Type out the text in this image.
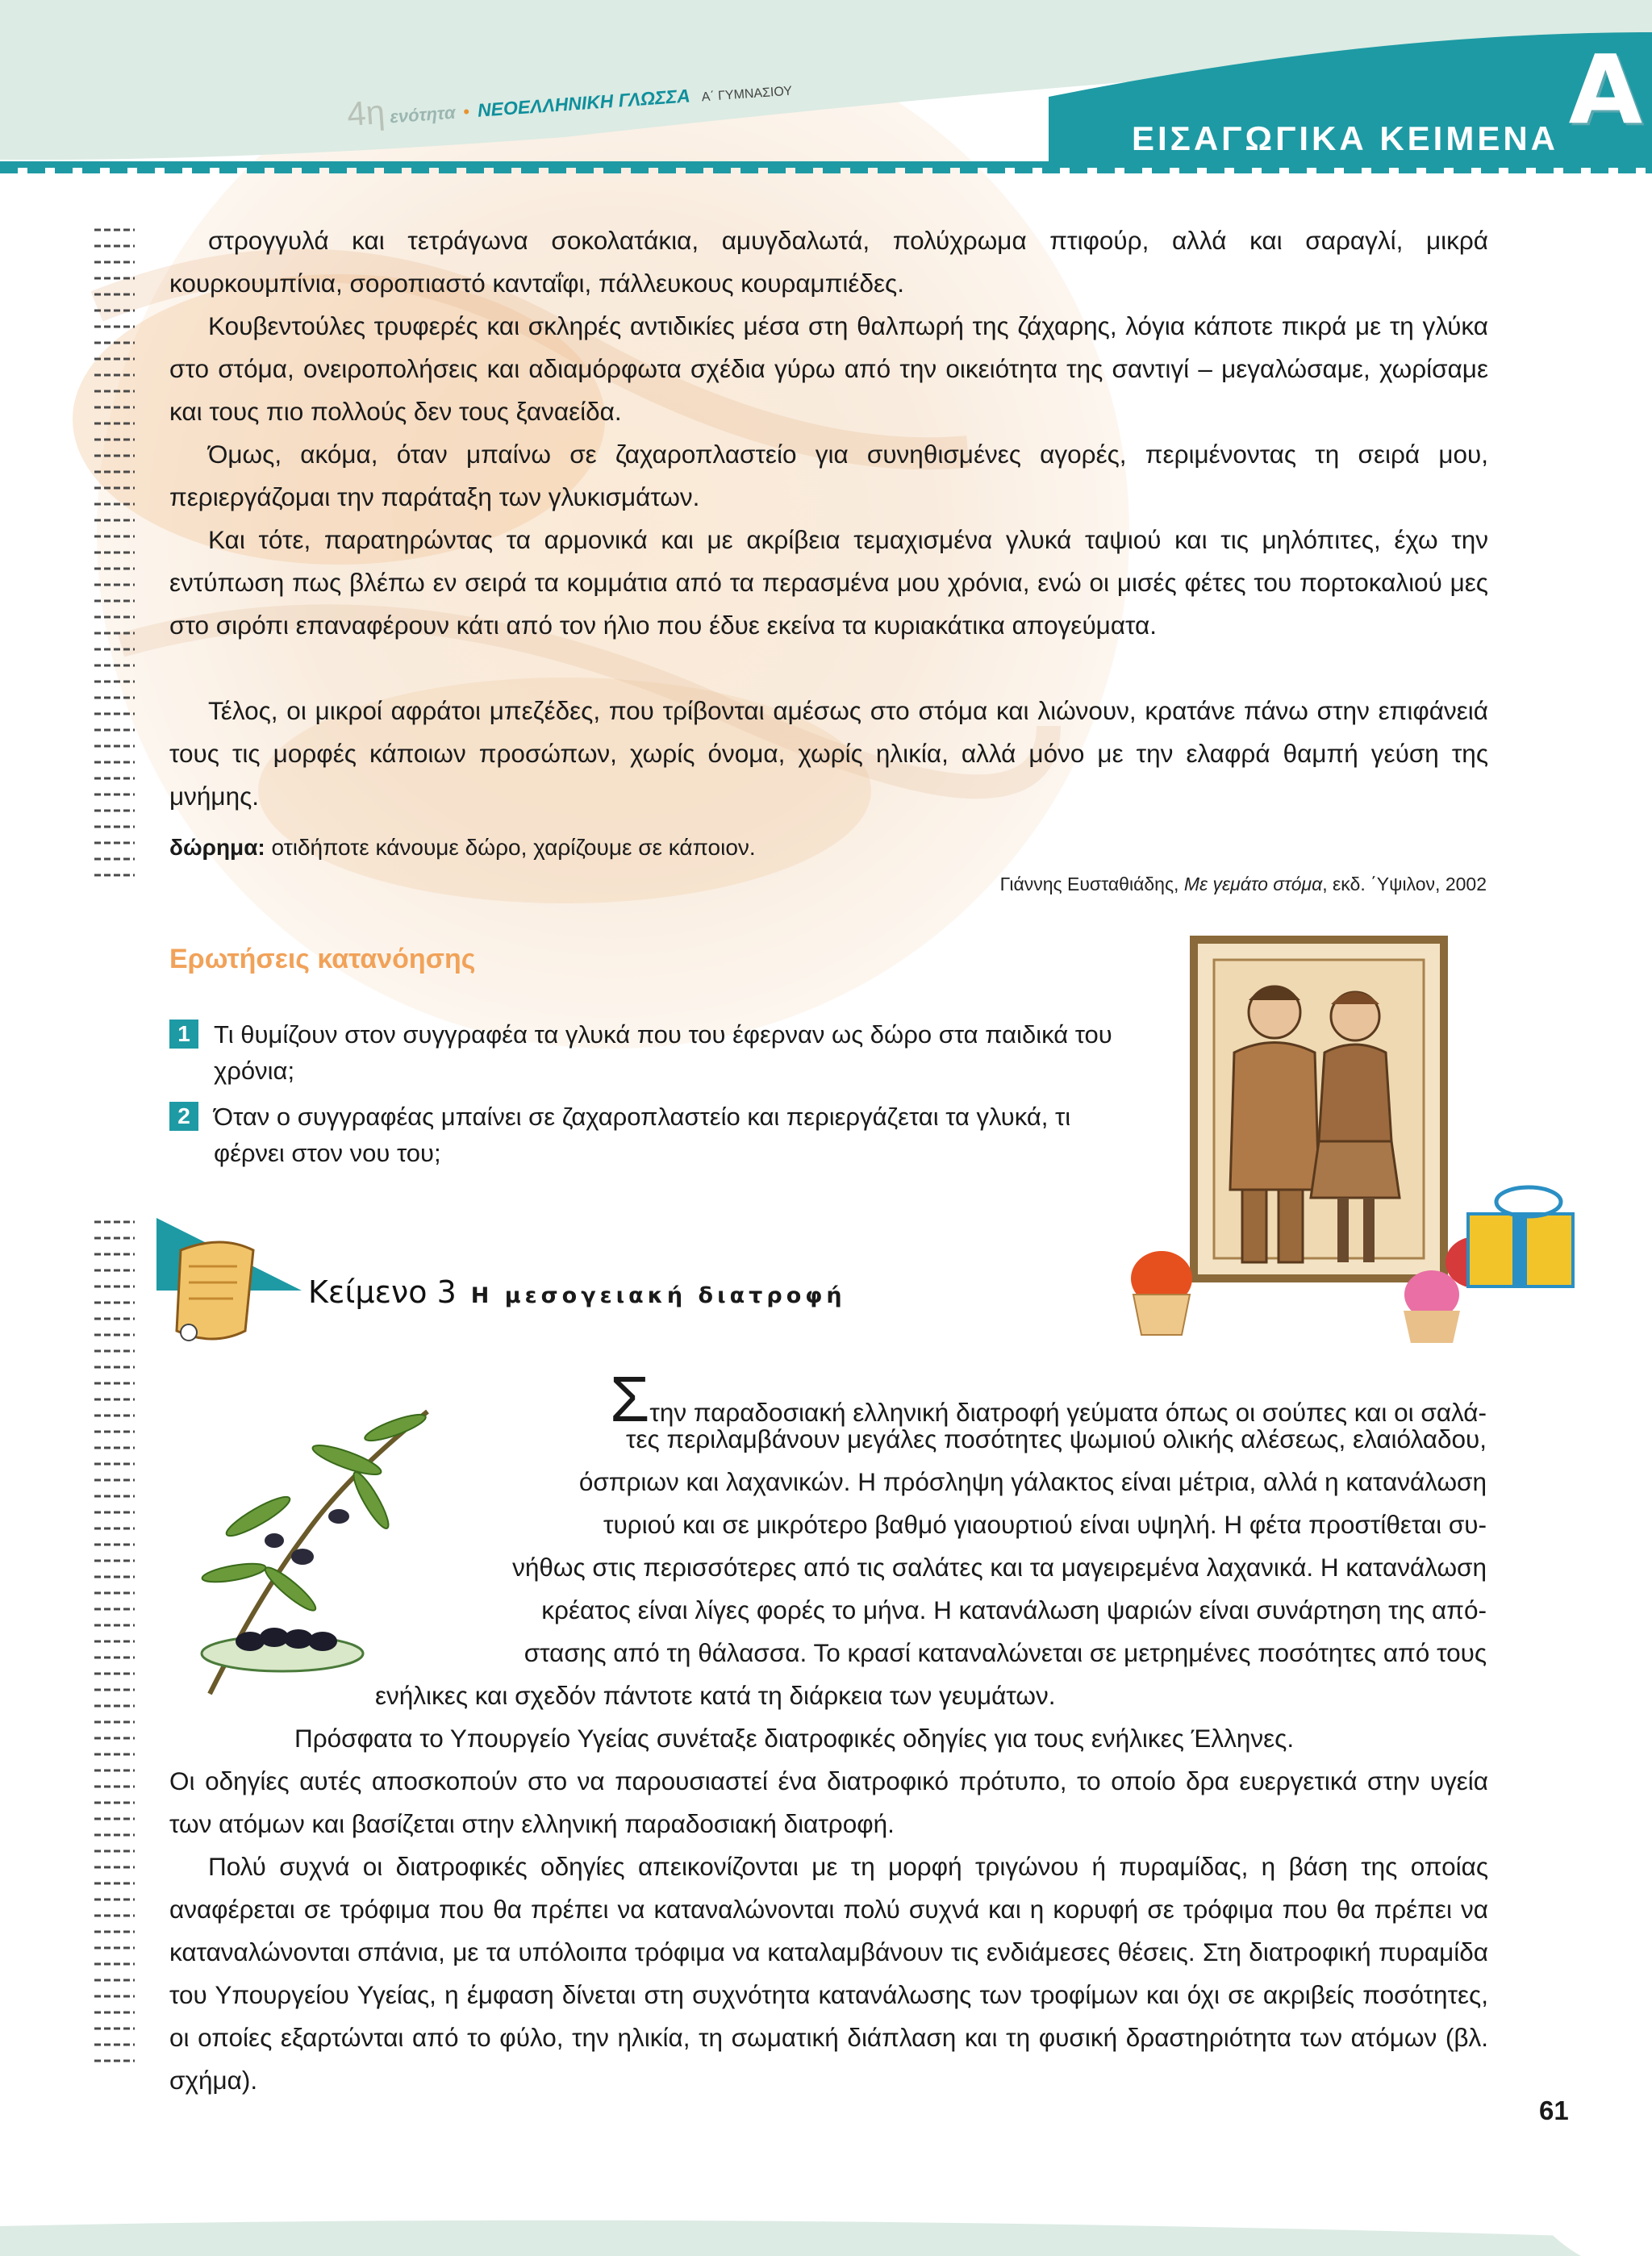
4η ενότητα • ΝΕΟΕΛΛΗΝΙΚΗ ΓΛΩΣΣΑ Α΄ ΓΥΜΝΑΣΙΟΥ
ΕΙΣΑΓΩΓΙΚΑ ΚΕΙΜΕΝΑ Α

στρογγυλά και τετράγωνα σοκολατάκια, αμυγδαλωτά, πολύχρωμα πτιφούρ, αλλά και σαραγλί, μικρά κουρκουμπίνια, σοροπιαστό κανταΐφι, πάλλευκους κουραμπιέδες.

Κουβεντούλες τρυφερές και σκληρές αντιδικίες μέσα στη θαλπωρή της ζάχαρης, λόγια κάποτε πικρά με τη γλύκα στο στόμα, ονειροπολήσεις και αδιαμόρφωτα σχέδια γύρω από την οικειότητα της σαντιγί – μεγαλώσαμε, χωρίσαμε και τους πιο πολλούς δεν τους ξαναείδα.

Όμως, ακόμα, όταν μπαίνω σε ζαχαροπλαστείο για συνηθισμένες αγορές, περιμένοντας τη σειρά μου, περιεργάζομαι την παράταξη των γλυκισμάτων.

Και τότε, παρατηρώντας τα αρμονικά και με ακρίβεια τεμαχισμένα γλυκά ταψιού και τις μηλόπιτες, έχω την εντύπωση πως βλέπω εν σειρά τα κομμάτια από τα περασμένα μου χρόνια, ενώ οι μισές φέτες του πορτοκαλιού μες στο σιρόπι επαναφέρουν κάτι από τον ήλιο που έδυε εκείνα τα κυριακάτικα απογεύματα.

Τέλος, οι μικροί αφράτοι μπεζέδες, που τρίβονται αμέσως στο στόμα και λιώνουν, κρατάνε πάνω στην επιφάνειά τους τις μορφές κάποιων προσώπων, χωρίς όνομα, χωρίς ηλικία, αλλά μόνο με την ελαφρά θαμπή γεύση της μνήμης.

δώρημα: οτιδήποτε κάνουμε δώρο, χαρίζουμε σε κάποιον.
Γιάννης Ευσταθιάδης, Με γεμάτο στόμα, εκδ. ΄Υψιλον, 2002
Ερωτήσεις κατανόησης
1 Τι θυμίζουν στον συγγραφέα τα γλυκά που του έφερναν ως δώρο στα παιδικά του χρόνια;
2 Όταν ο συγγραφέας μπαίνει σε ζαχαροπλαστείο και περιεργάζεται τα γλυκά, τι φέρνει στον νου του;
Κείμενο 3 Η μεσογειακή διατροφή
Στην παραδοσιακή ελληνική διατροφή γεύματα όπως οι σούπες και οι σαλά-
τες περιλαμβάνουν μεγάλες ποσότητες ψωμιού ολικής αλέσεως, ελαιόλαδου,
όσπριων και λαχανικών. Η πρόσληψη γάλακτος είναι μέτρια, αλλά η κατανάλωση
τυριού και σε μικρότερο βαθμό γιαουρτιού είναι υψηλή. Η φέτα προστίθεται συ-
νήθως στις περισσότερες από τις σαλάτες και τα μαγειρεμένα λαχανικά. Η κατανάλωση
κρέατος είναι λίγες φορές το μήνα. Η κατανάλωση ψαριών είναι συνάρτηση της από-
στασης από τη θάλασσα. Το κρασί καταναλώνεται σε μετρημένες ποσότητες από τους
ενήλικες και σχεδόν πάντοτε κατά τη διάρκεια των γευμάτων.
Πρόσφατα το Υπουργείο Υγείας συνέταξε διατροφικές οδηγίες για τους ενήλικες Έλληνες.

Οι οδηγίες αυτές αποσκοπούν στο να παρουσιαστεί ένα διατροφικό πρότυπο, το οποίο δρα ευεργετικά στην υγεία των ατόμων και βασίζεται στην ελληνική παραδοσιακή διατροφή.

Πολύ συχνά οι διατροφικές οδηγίες απεικονίζονται με τη μορφή τριγώνου ή πυραμίδας, η βάση της οποίας αναφέρεται σε τρόφιμα που θα πρέπει να καταναλώνονται πολύ συχνά και η κορυφή σε τρόφιμα που θα πρέπει να καταναλώνονται σπάνια, με τα υπόλοιπα τρόφιμα να καταλαμβάνουν τις ενδιάμεσες θέσεις. Στη διατροφική πυραμίδα του Υπουργείου Υγείας, η έμφαση δίνεται στη συχνότητα κατανάλωσης των τροφίμων και όχι σε ακριβείς ποσότητες, οι οποίες εξαρτώνται από το φύλο, την ηλικία, τη σωματική διάπλαση και τη φυσική δραστηριότητα των ατόμων (βλ. σχήμα).

61
